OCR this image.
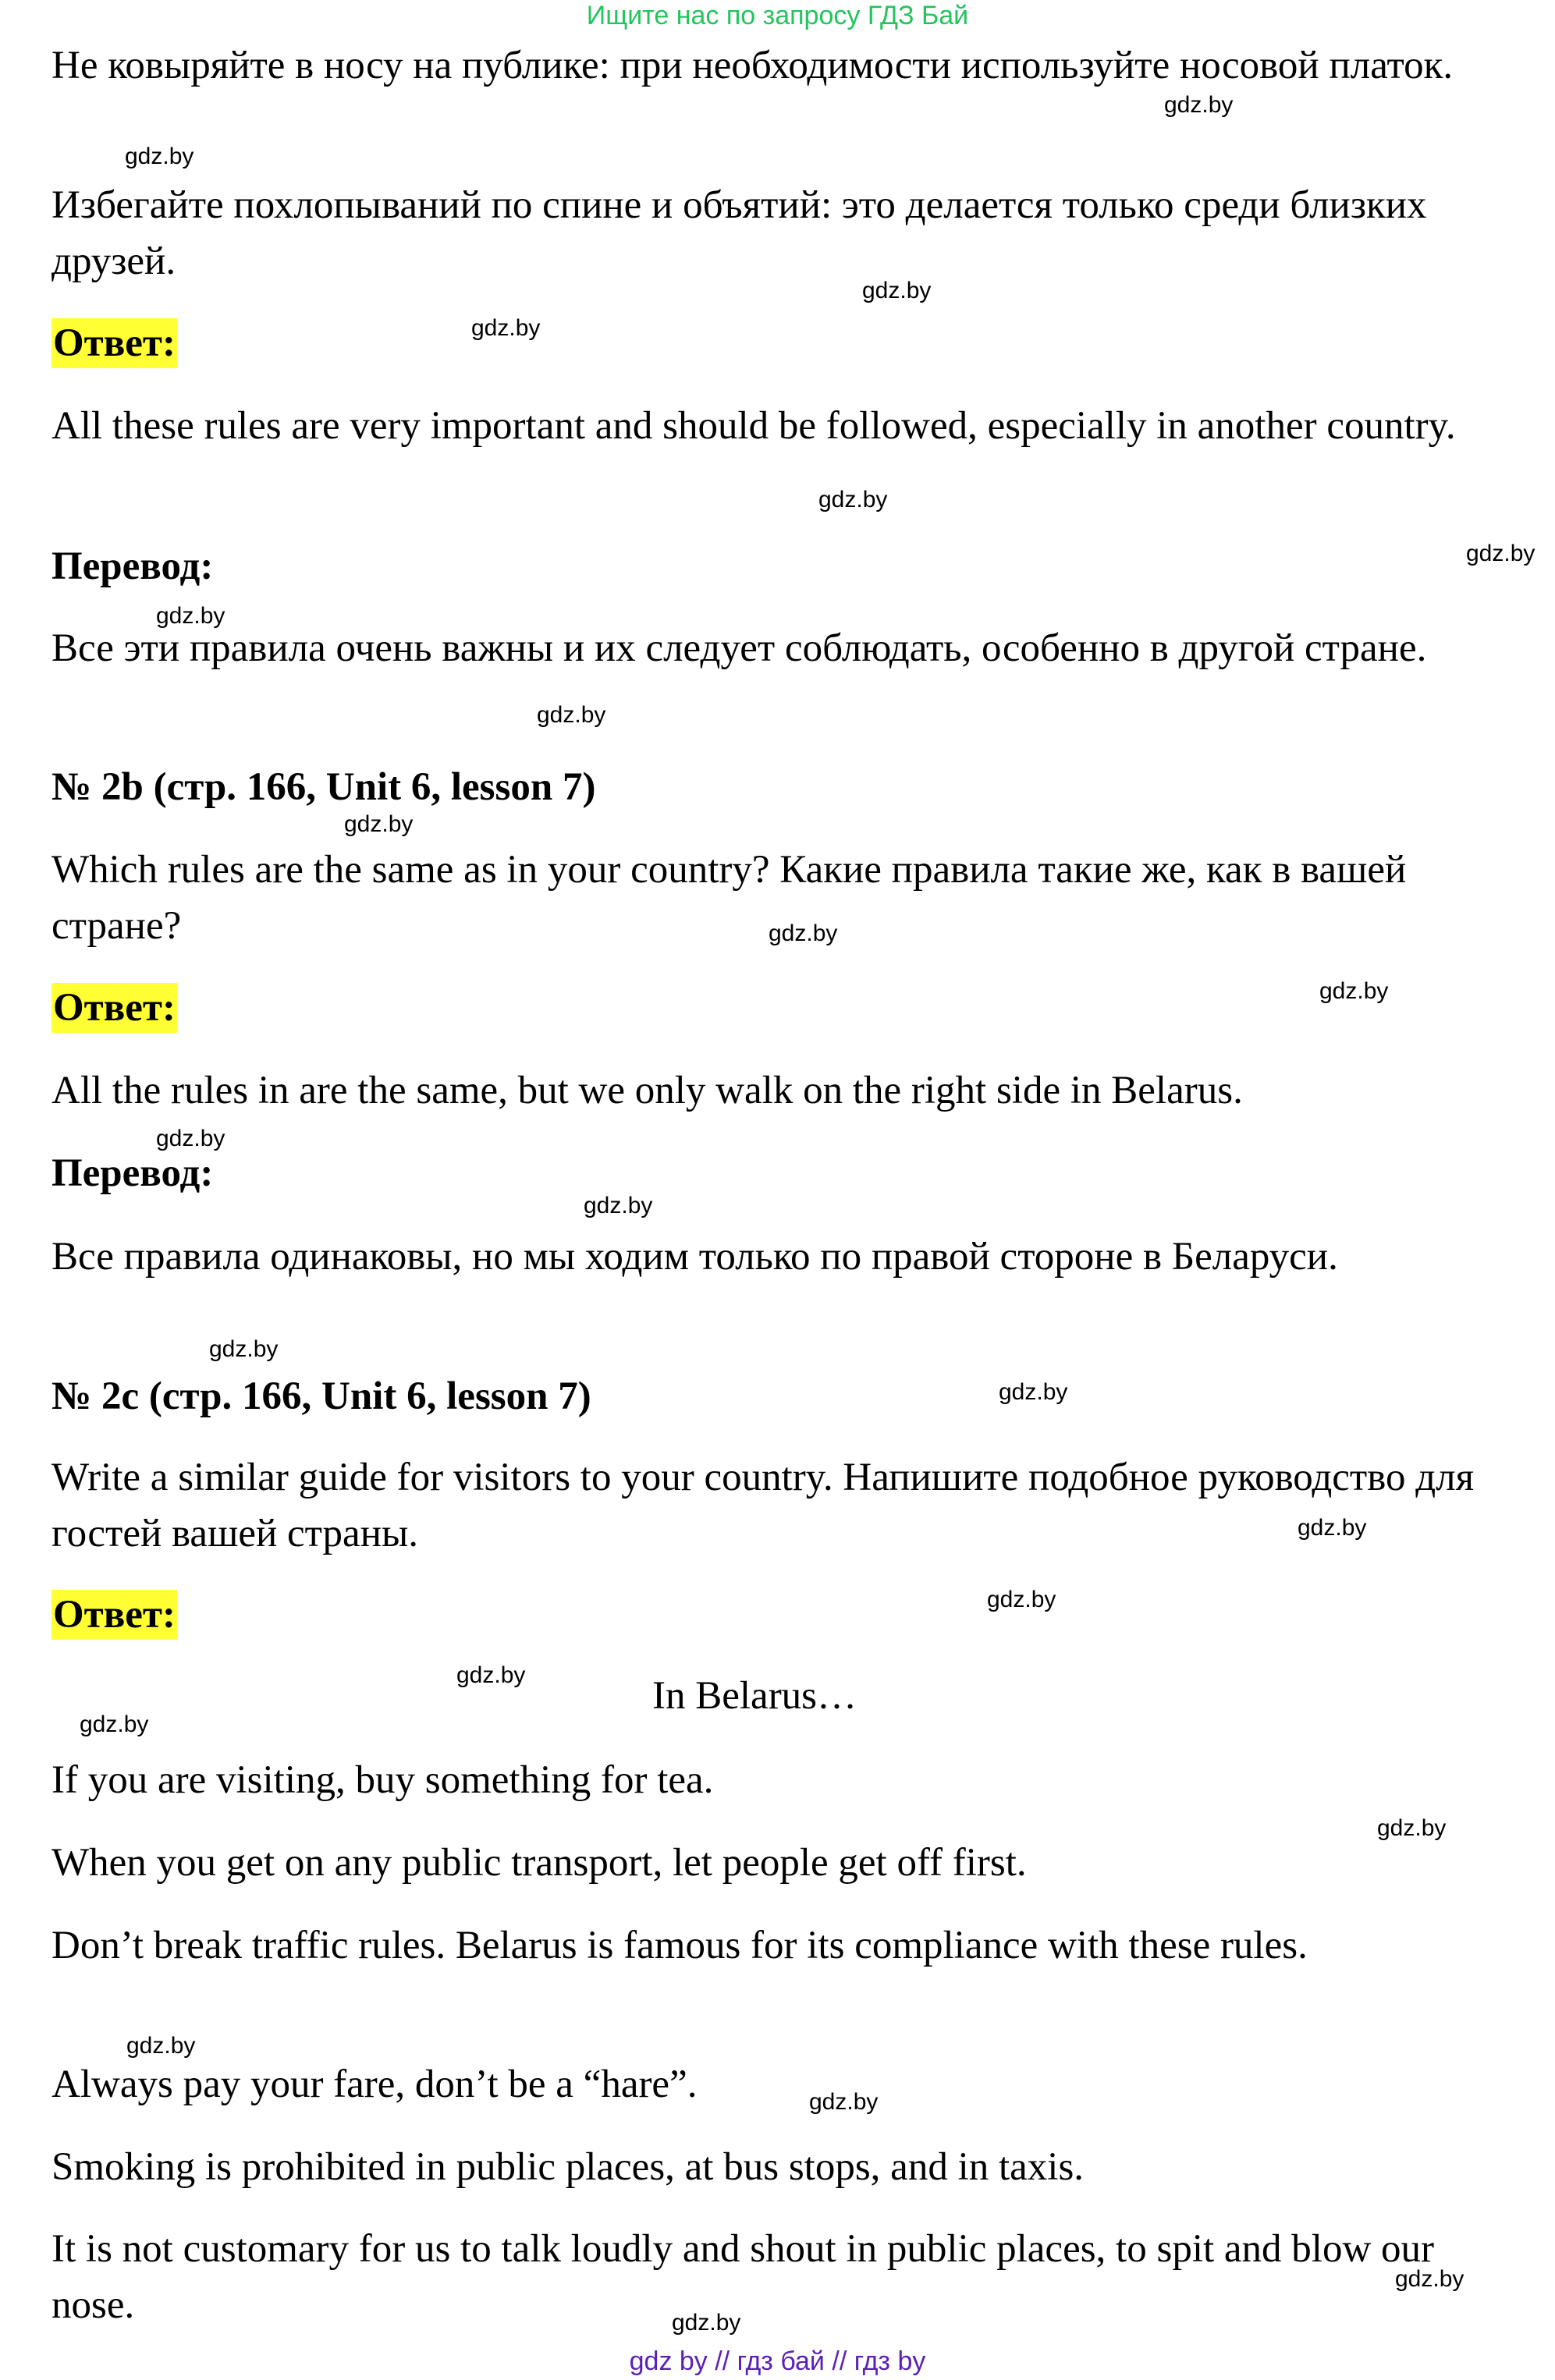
Ищите нас по запросу ГДЗ Бай

Не ковыряйте в носу на публике: при необходимости используйте носовой платок.

Избегайте похлопываний по спине и объятий: это делается только среди близких друзей.

Ответ:

All these rules are very important and should be followed, especially in another country.

Перевод:

Все эти правила очень важны и их следует соблюдать, особенно в другой стране.

№ 2b (стр. 166, Unit 6, lesson 7)

Which rules are the same as in your country? Какие правила такие же, как в вашей стране?

Ответ:

All the rules in are the same, but we only walk on the right side in Belarus.

Перевод:

Все правила одинаковы, но мы ходим только по правой стороне в Беларуси.

№ 2c (стр. 166, Unit 6, lesson 7)

Write a similar guide for visitors to your country. Напишите подобное руководство для гостей вашей страны.

Ответ:
In Belarus…

If you are visiting, buy something for tea.

When you get on any public transport, let people get off first.

Don’t break traffic rules. Belarus is famous for its compliance with these rules.

Always pay your fare, don’t be a “hare”.

Smoking is prohibited in public places, at bus stops, and in taxis.

It is not customary for us to talk loudly and shout in public places, to spit and blow our nose.

gdz.by
gdz.by
gdz.by
gdz.by
gdz.by
gdz.by
gdz.by
gdz.by
gdz.by
gdz.by
gdz.by
gdz.by
gdz.by
gdz.by
gdz.by
gdz.by
gdz.by
gdz.by
gdz.by
gdz.by
gdz.by
gdz.by
gdz.by
gdz.by
gdz by // гдз бай // гдз by
